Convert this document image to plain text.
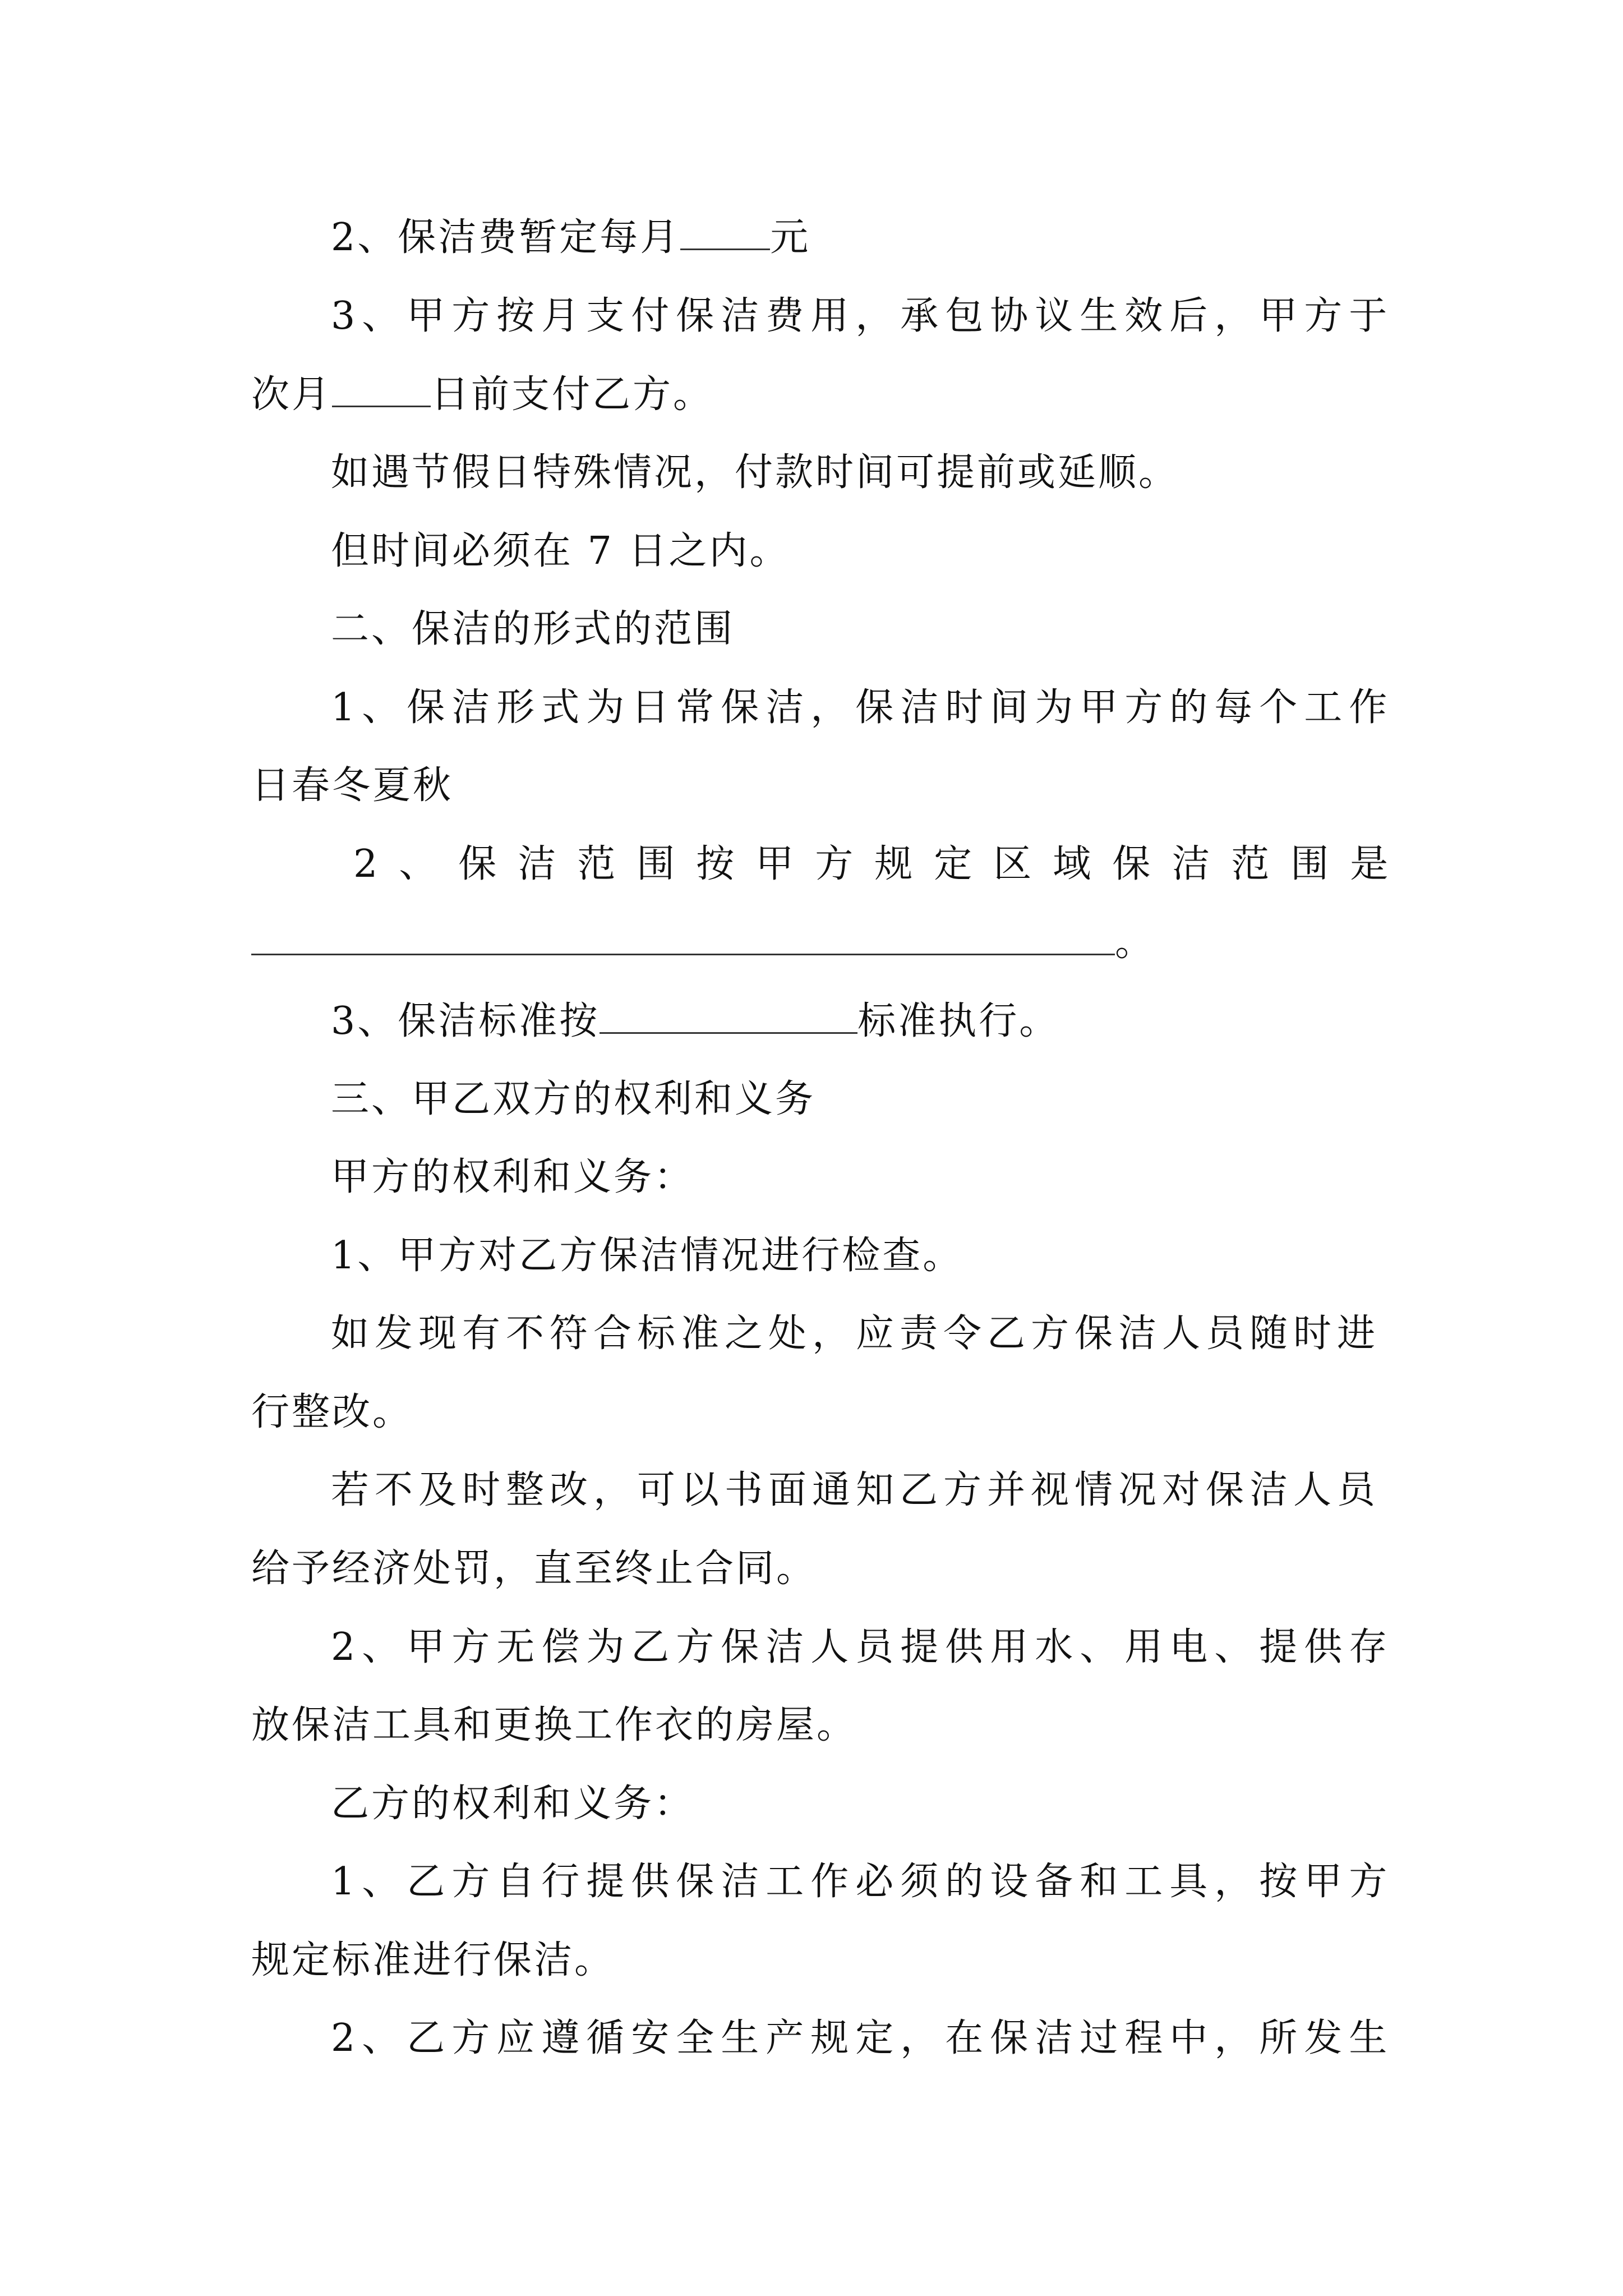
2、保洁费暂定每月 元
3、甲方按月支付保洁费用，承包协议生效后，甲方于
次月	日前支付乙方。
如遇节假日特殊情况，付款时间可提前或延顺。
但时间必须在 7 日之内。
二、保洁的形式的范围
1、保洁形式为日常保洁，保洁时间为甲方的每个工作
日春冬夏秋
2、保洁范围按甲方规定区域保洁范围是
。
3、保洁标准按	标准执行。
三、甲乙双方的权利和义务
甲方的权利和义务：
1、甲方对乙方保洁情况进行检查。
如发现有不符合标准之处，应责令乙方保洁人员随时进
行整改。
若不及时整改，可以书面通知乙方并视情况对保洁人员
给予经济处罚，直至终止合同。
2、甲方无偿为乙方保洁人员提供用水、用电、提供存
放保洁工具和更换工作衣的房屋。
乙方的权利和义务：
1、乙方自行提供保洁工作必须的设备和工具，按甲方
规定标准进行保洁。
2、乙方应遵循安全生产规定，在保洁过程中，所发生
